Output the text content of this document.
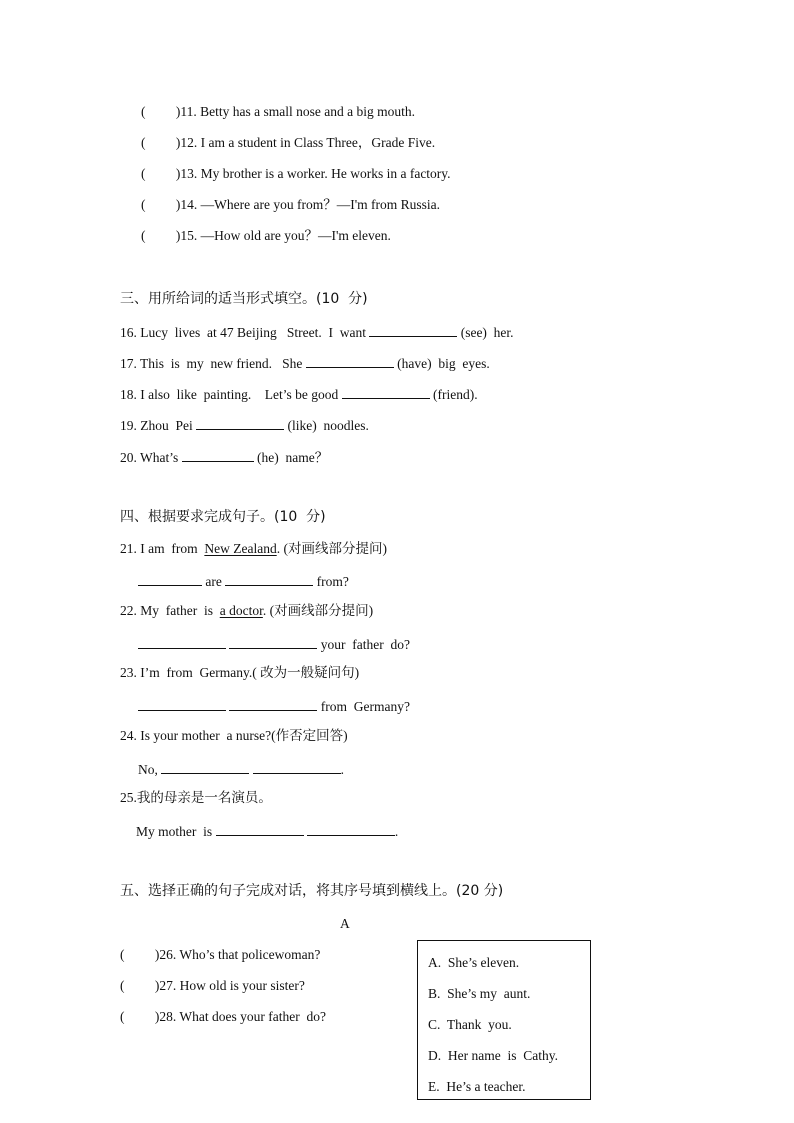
(         )11. Betty has a small nose and a big mouth.
(         )12. I am a student in Class Three，Grade Five.
(         )13. My brother is a worker. He works in a factory.
(         )14. —Where are you from？—I'm from Russia.
(         )15. —How old are you？—I'm eleven.
三、用所给词的适当形式填空。(10  分)
16. Lucy  lives  at 47 Beijing   Street.  I  want	(see)  her.
17. This  is  my  new friend.   She	(have)  big  eyes.
18. I also  like  painting.    Let’s be good	(friend).
19. Zhou  Pei	(like)  noodles.
20. What’s	(he)  name？
四、根据要求完成句子。(10  分)
21. I am  from  New Zealand. (对画线部分提问)
are	from?
22. My  father  is  a doctor. (对画线部分提问)
your  father  do?
23. I’m  from  Germany.( 改为一般疑问句)
from  Germany?
24. Is your mother  a nurse?(作否定回答)
No,	.
25.我的母亲是一名演员。
My mother  is	.
五、选择正确的句子完成对话，将其序号填到横线上。(20 分)
A
(         )26. Who’s that policewoman?
(         )27. How old is your sister?
(         )28. What does your father  do?
A.  She’s eleven.
B.  She’s my  aunt.
C.  Thank  you.
D.  Her name  is  Cathy.
E.  He’s a teacher.
